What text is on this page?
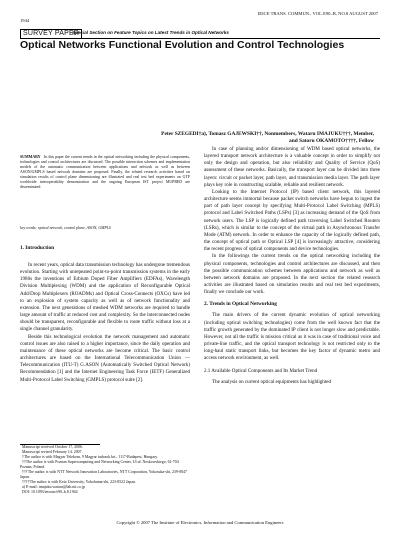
1944
IEICE TRANS. COMMUN., VOL.E90–B, NO.8 AUGUST 2007
SURVEY PAPER
Special Section on Feature Topics on Latest Trends in Optical Networks
Optical Networks Functional Evolution and Control Technologies
Peter SZEGEDI†a), Tomasz GAJEWSKI††, Nonmembers, Wataru IMAJUKU†††, Member,
and Satoru OKAMOTO††††, Fellow
SUMMARY In this paper the current trends in the optical networking including the physical components, technologies and control architectures are discussed. The possible interaction schemes and implementation models of the automatic communication between applications and network as well as between ASON/GMPLS based network domains are proposed. Finally, the related research activities based on simulation results of control plane dimensioning are illustrated and real test bed experiments on GTF worldwide interoperability demonstration and the ongoing European IST project MUPBED are disseminated.
key words: optical network, control plane, ASON, GMPLS
1. Introduction

In recent years, optical data transmission technology has undergone tremendous evolution. Starting with unrepeated point-to-point transmission systems in the early 1980s the inventions of Erbium Doped Fiber Amplifiers (EDFAs), Wavelength Division Multiplexing (WDM) and the application of Reconfigurable Optical Add/Drop Multiplexers (ROADMs) and Optical Cross-Connects (OXCs) have led to an explosion of system capacity as well as of network functionality and extension. The next generations of meshed WDM networks are required to handle large amount of traffic at reduced cost and complexity. So the interconnected nodes should be transparent, reconfigurable and flexible to route traffic without loss at a single channel granularity.

Beside this technological evolution the network management and automatic control issues are also raised to a higher importance, since the daily operation and maintenance of these optical networks are become critical. The basic control architectures are based on the International Telecommunication Union — Telecommunication (ITU-T) G.ASON (Automatically Switched Optical Network) Recommendation [1] and the Internet Engineering Task Force (IETF) Generalized Multi-Protocol Label Switching (GMPLS) protocol suite [2].

Manuscript received October 17, 2006.
Manuscript revised February 14, 2007.
†The author is with Magyar Telekom, 9 Magyar tudosok krt., 1117-Budapest, Hungary.
††The author is with Poznan Supercomputing and Networking Center, Ul.ul. Noskowskiego, 61-704 Poznan, Poland.
†††The author is with NTT Network Innovation Laboratories, NTT Corporation, Yokosuka-shi, 239-0847 Japan.
††††The author is with Keio University, Yokohama-shi, 223-8522 Japan.
a) E-mail: imajuku.wataru@lab.ntt.co.jp
DOI: 10.1093/ietcom/e90–b.8.1944

In case of planning and/or dimensioning of WDM based optical networks, the layered transport network architecture is a valuable concept in order to simplify not only the design and operation, but also reliability and Quality of Service (QoS) assessment of these networks. Basically, the transport layer can be divided into three layers: circuit or packet layer, path layer, and transmission media layer. The path layer plays key role in constructing scalable, reliable and resilient network.

Looking to the Internet Protocol (IP) based client network, this layered architecture seems immortal because packet switch networks have begun to ingest the part of path layer concept by specifying Multi-Protocol Label Switching (MPLS) protocol and Label Switched Paths (LSPs) [3] as increasing demand of the QoS from network users. The LSP is logically defined path traversing Label Switched Routers (LSRs), which is similar to the concept of the virtual path in Asynchronous Transfer Mode (ATM) network. In order to enhance the capacity of the logically defined path, the concept of optical path or Optical LSP [4] is increasingly attractive, considering the recent progress of optical components and device technologies.

In the followings the current trends on the optical networking including the physical components, technologies and control architectures are discussed, and then the possible communication schemes between applications and network as well as between network domains are proposed. In the next section the related research activities are illustrated based on simulation results and real test bed experiments, finally we conclude our work.

2. Trends in Optical Networking

The main drivers of the current dynamic evolution of optical networking (including optical switching technologies) come from the well known fact that the traffic growth generated by the dominated IP client is not longer slow and predictable. However, not all the traffic is mission critical as it was in case of traditional voice and private-line traffic, and the optical transport technology is not restricted only to the long-haul static transport links, but becomes the key factor of dynamic metro and access network environment, as well.

2.1 Available Optical Components and Its Market Trend

The analysis on current optical equipments has highlighted

Copyright © 2007 The Institute of Electronics, Information and Communication Engineers
